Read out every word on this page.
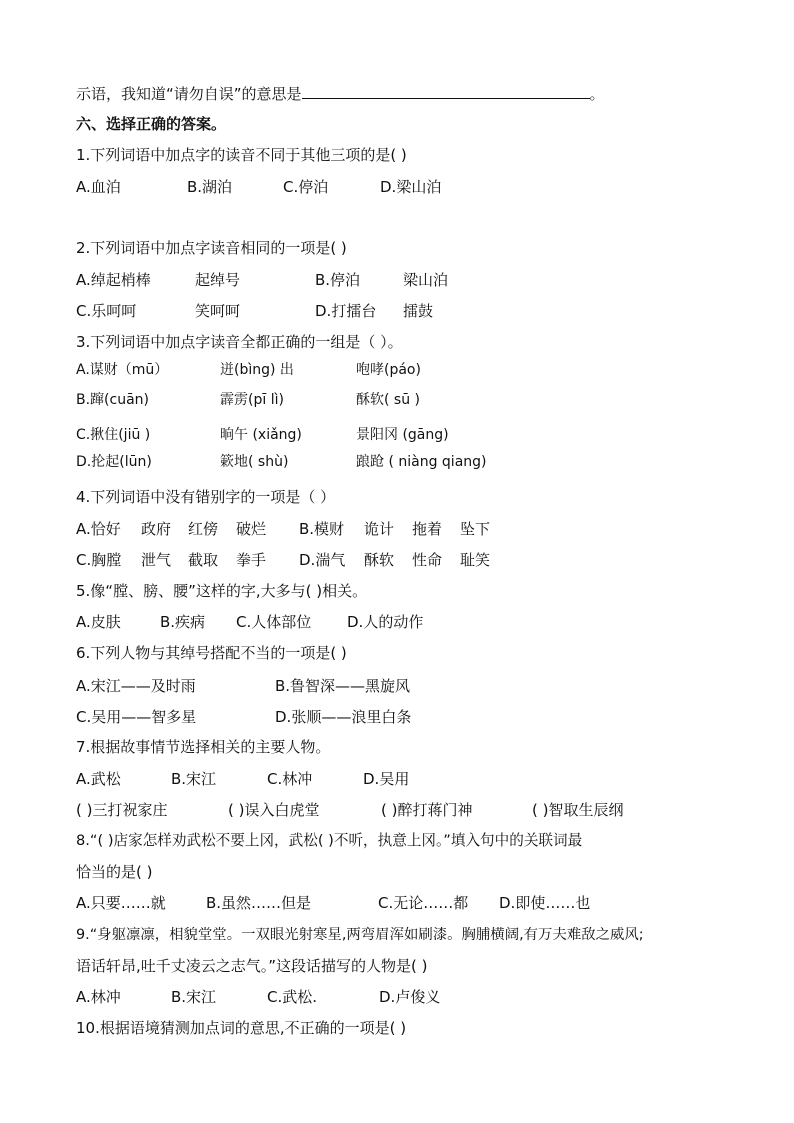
示语，我知道“请勿自误”的意思是	。
六、选择正确的答案。
1.下列词语中加点字的读音不同于其他三项的是( )
A.血泊	B.湖泊	C.停泊	D.梁山泊
2.下列词语中加点字读音相同的一项是( )
A.绰起梢棒	起绰号	B.停泊	梁山泊
C.乐呵呵	笑呵呵	D.打擂台 擂鼓
3.下列词语中加点字读音全都正确的一组是（ ）。
A.谋财（mū）	迸(bìng) 出	咆哮(páo)
B.蹿(cuān)	霹雳(pī lì)	酥软( sū )
C.揪住(jiū )	晌午 (xiǎng)	景阳冈 (gāng)
D.抡起(lūn)	簌地( shù)	踉跄 ( niàng qiang)
4.下列词语中没有错别字的一项是（ ）
A.恰好 政府 红傍 破烂 B.模财 诡计 拖着 坠下
C.胸膛 泄气 截取 拳手 D.湍气 酥软 性命 耻笑
5.像“膛、膀、腰”这样的字,大多与( )相关。
A.皮肤	B.疾病 C.人体部位 D.人的动作
6.下列人物与其绰号搭配不当的一项是( )
A.宋江——及时雨	B.鲁智深——黑旋风
C.吴用——智多星	D.张顺——浪里白条
7.根据故事情节选择相关的主要人物。
A.武松	B.宋江	C.林冲	D.吴用
( )三打祝家庄	( )误入白虎堂	( )醉打蒋门神	( )智取生辰纲
8.“( )店家怎样劝武松不要上冈，武松( )不听，执意上冈。”填入句中的关联词最
恰当的是( )
A.只要……就	B.虽然……但是	C.无论……都 D.即使……也
9.“身躯凛凛，相貌堂堂。一双眼光射寒星,两弯眉浑如刷漆。胸脯横阔,有万夫难敌之威风;
语话轩昂,吐千丈凌云之志气。”这段话描写的人物是( )
A.林冲	B.宋江	C.武松.	D.卢俊义
10.根据语境猜测加点词的意思,不正确的一项是( )
